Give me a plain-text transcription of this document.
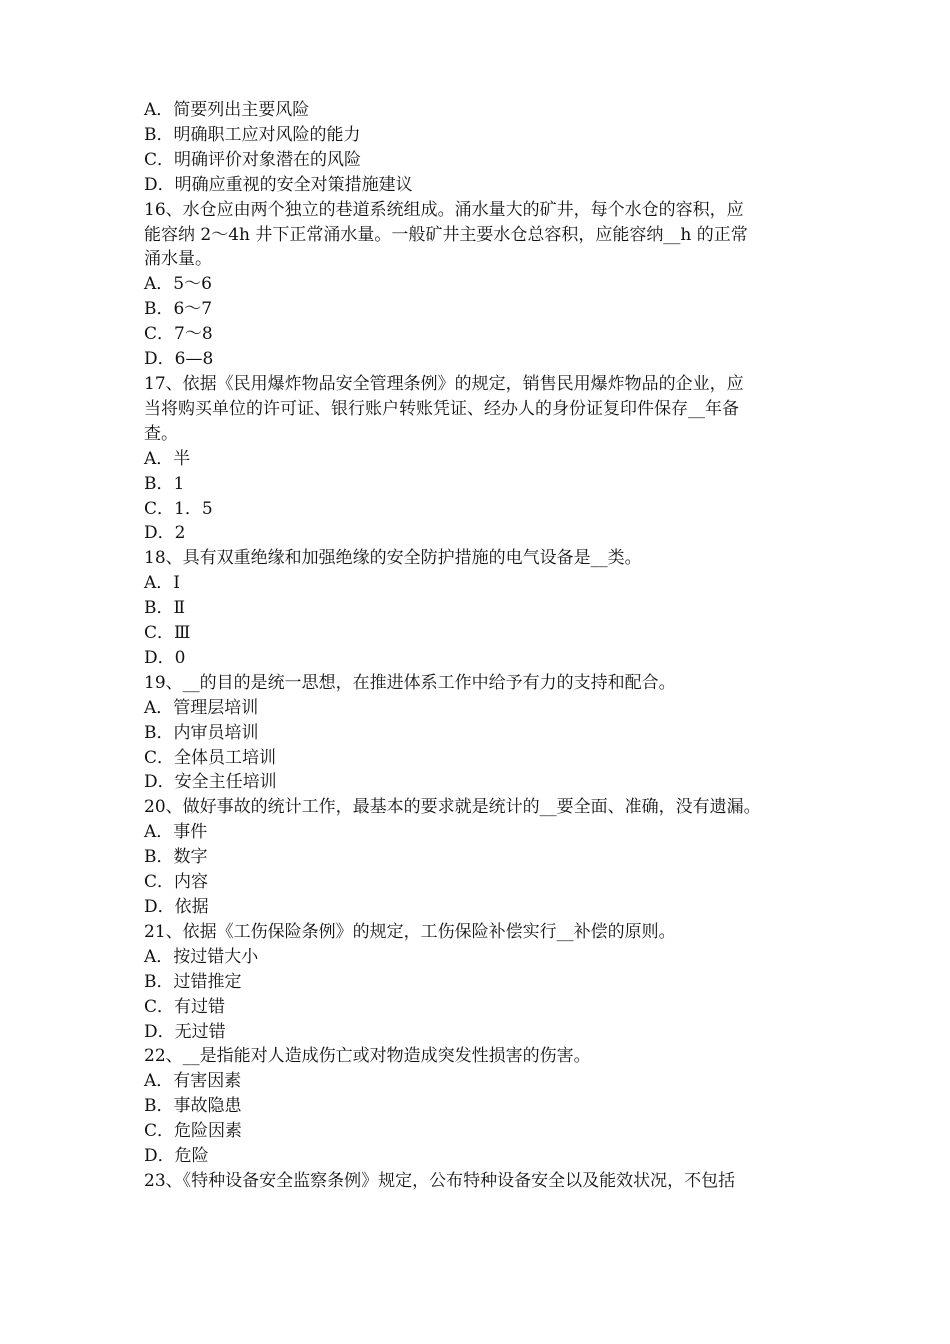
A．简要列出主要风险
B．明确职工应对风险的能力
C．明确评价对象潜在的风险
D．明确应重视的安全对策措施建议
16、水仓应由两个独立的巷道系统组成。涌水量大的矿井，每个水仓的容积，应
能容纳 2～4h 井下正常涌水量。一般矿井主要水仓总容积，应能容纳__h 的正常
涌水量。
A．5～6
B．6～7
C．7～8
D．6—8
17、依据《民用爆炸物品安全管理条例》的规定，销售民用爆炸物品的企业，应
当将购买单位的许可证、银行账户转账凭证、经办人的身份证复印件保存__年备
查。
A．半
B．1
C．1．5
D．2
18、具有双重绝缘和加强绝缘的安全防护措施的电气设备是__类。
A．Ⅰ
B．Ⅱ
C．Ⅲ
D．0
19、__的目的是统一思想，在推进体系工作中给予有力的支持和配合。
A．管理层培训
B．内审员培训
C．全体员工培训
D．安全主任培训
20、做好事故的统计工作，最基本的要求就是统计的__要全面、准确，没有遗漏。
A．事件
B．数字
C．内容
D．依据
21、依据《工伤保险条例》的规定，工伤保险补偿实行__补偿的原则。
A．按过错大小
B．过错推定
C．有过错
D．无过错
22、__是指能对人造成伤亡或对物造成突发性损害的伤害。
A．有害因素
B．事故隐患
C．危险因素
D．危险
23、《特种设备安全监察条例》规定，公布特种设备安全以及能效状况，不包括
